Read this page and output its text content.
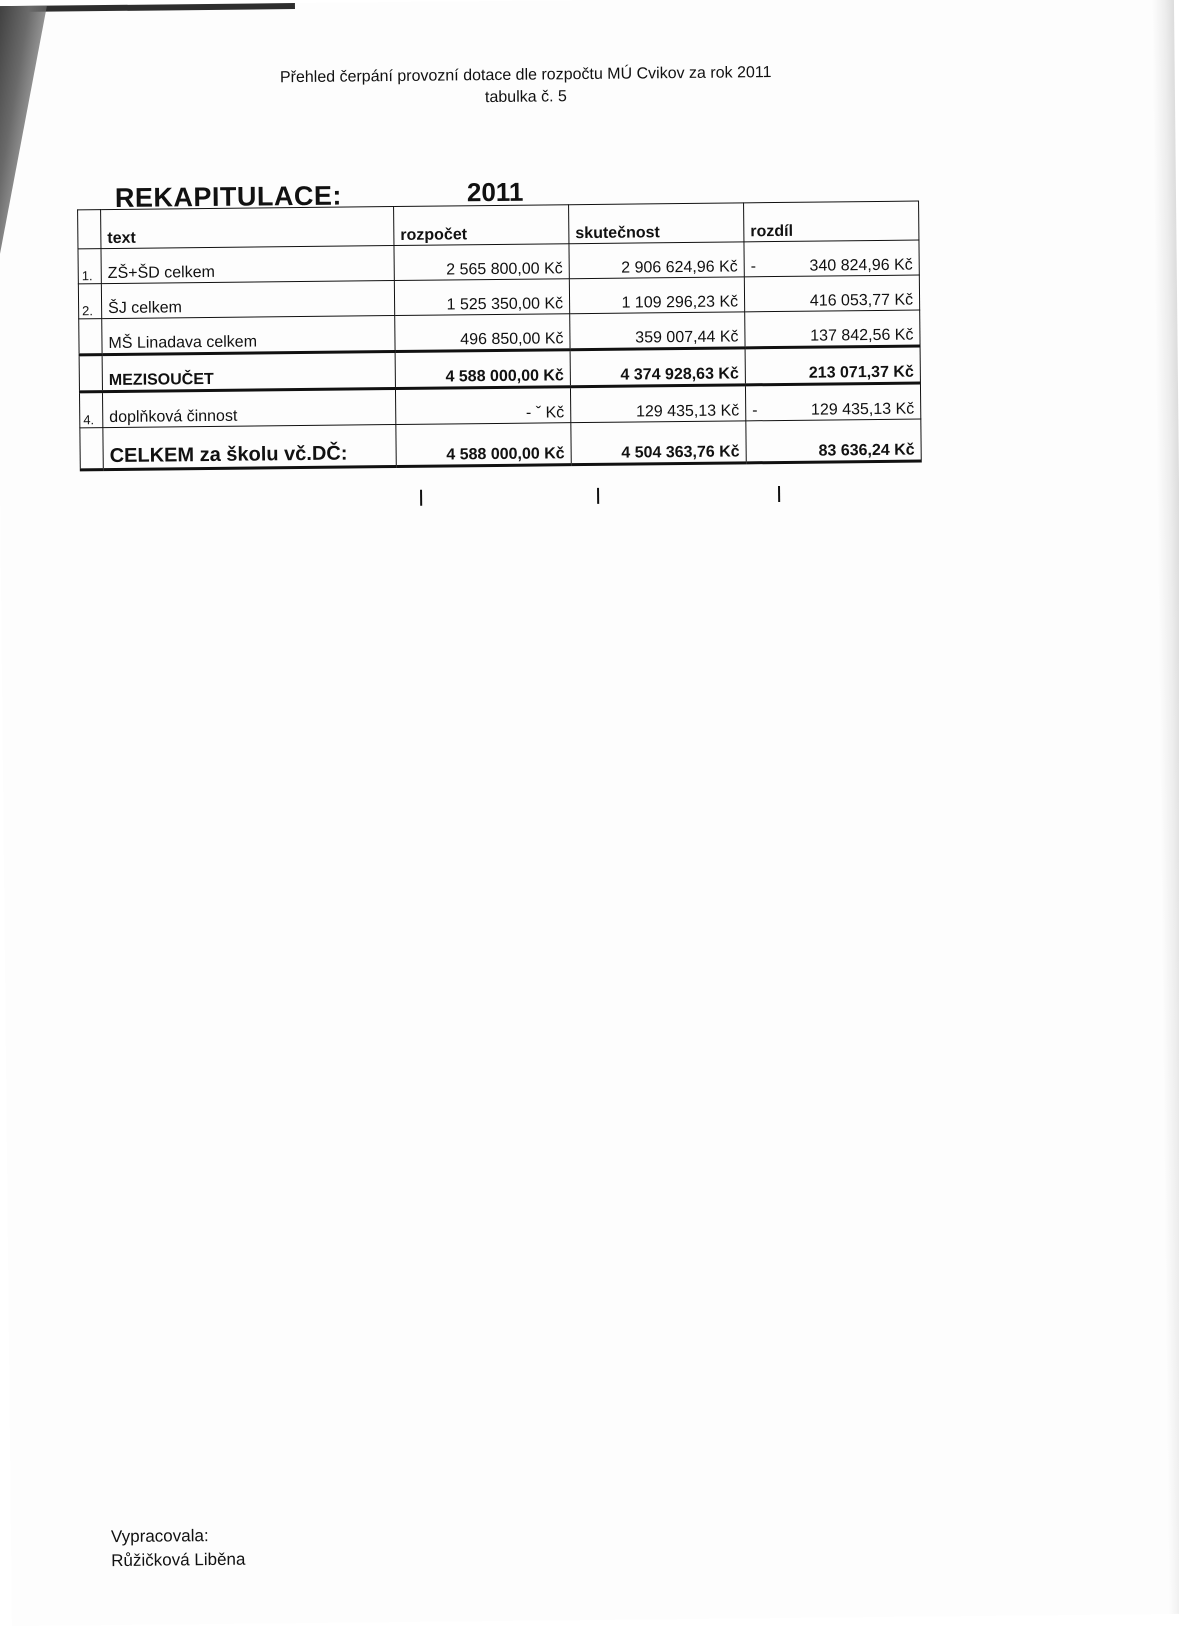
Přehled čerpání provozní dotace dle rozpočtu MÚ Cvikov za rok 2011
tabulka č. 5
REKAPITULACE:	2011
	text	rozpočet	skutečnost	rozdíl
1.	ZŠ+ŠD celkem	2 565 800,00 Kč	2 906 624,96 Kč	- 340 824,96 Kč

2.	ŠJ celkem	1 525 350,00 Kč	1 109 296,23 Kč	416 053,77 Kč

	MŠ Linadava celkem	496 850,00 Kč	359 007,44 Kč	137 842,56 Kč

	MEZISOUČET	4 588 000,00 Kč	4 374 928,63 Kč	213 071,37 Kč

4.	doplňková činnost	- ˇ Kč	129 435,13 Kč	- 129 435,13 Kč

	CELKEM za školu vč.DČ:	4 588 000,00 Kč	4 504 363,76 Kč	83 636,24 Kč
Vypracovala:
Růžičková Liběna
